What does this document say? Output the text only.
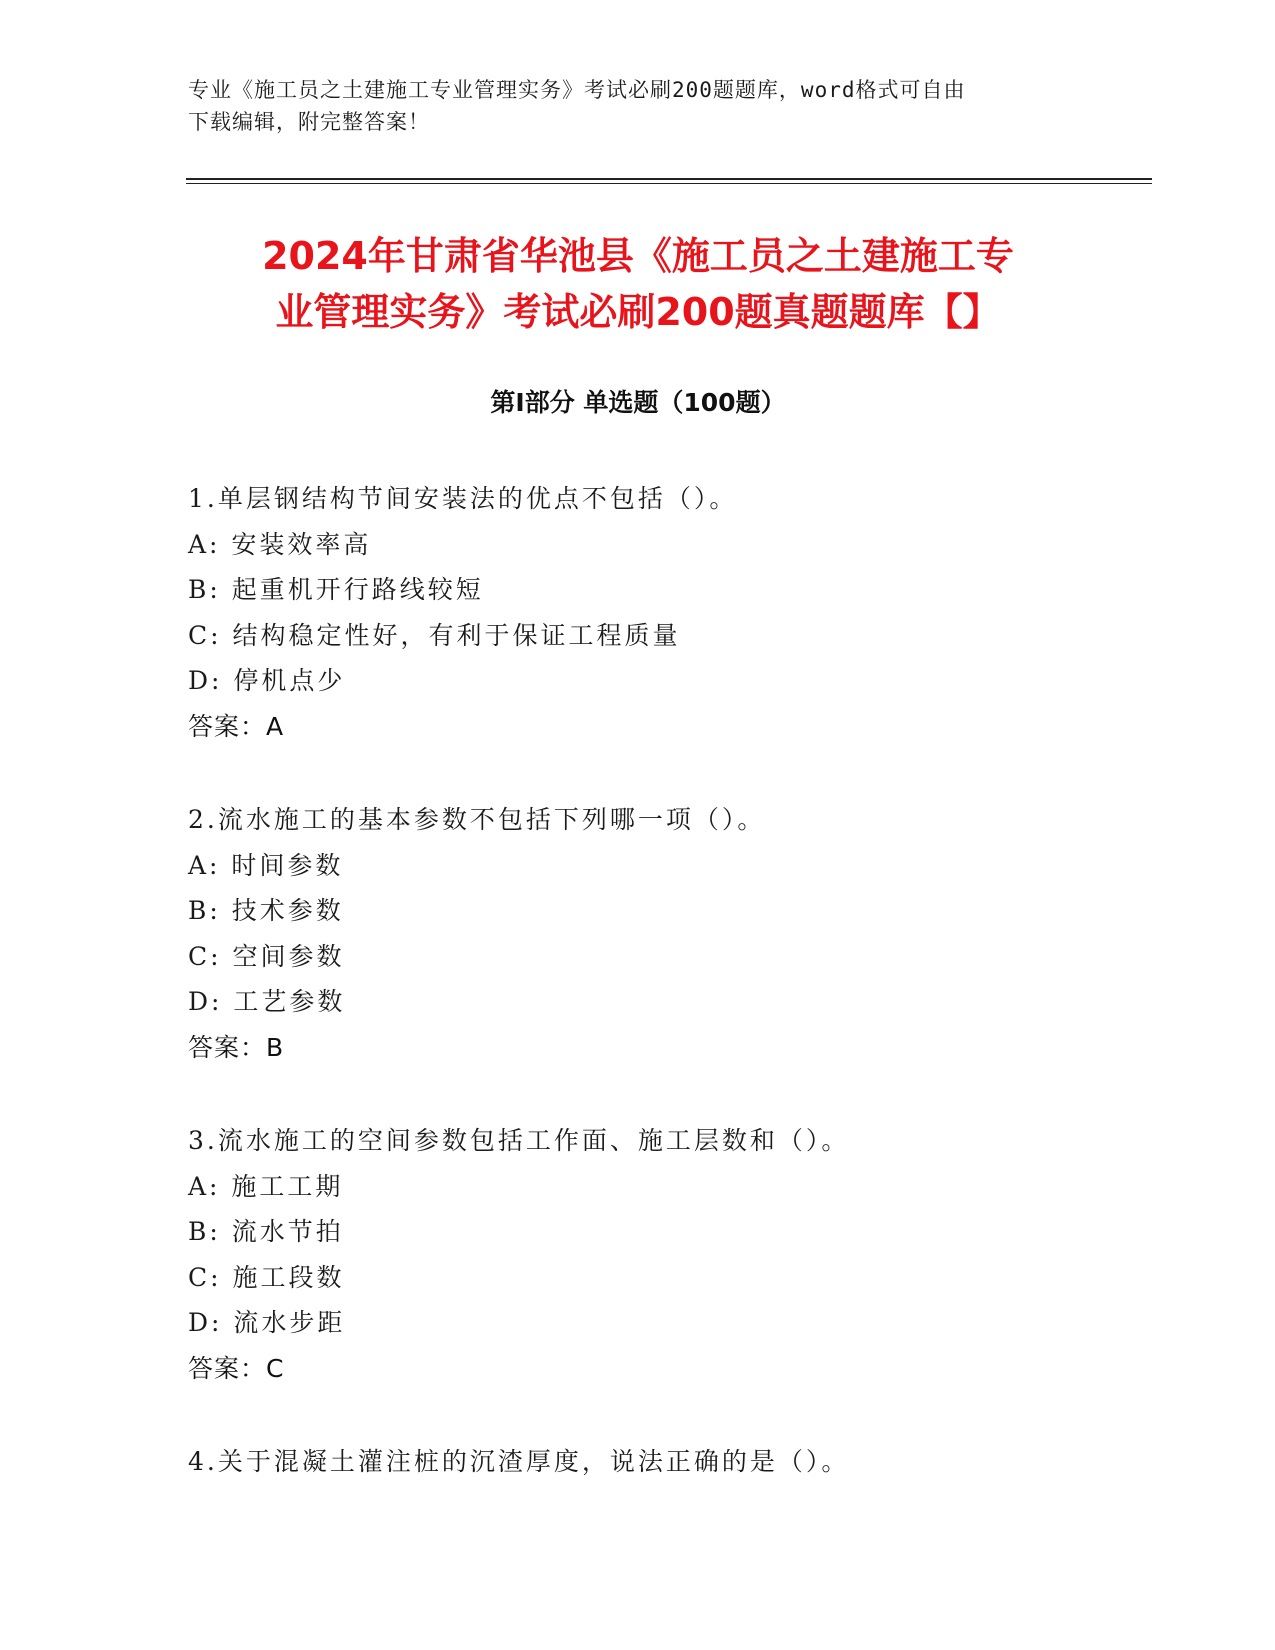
专业《施工员之土建施工专业管理实务》考试必刷200题题库，word格式可自由
下载编辑，附完整答案！
2024年甘肃省华池县《施工员之土建施工专
业管理实务》考试必刷200题真题题库【】
第Ⅰ部分 单选题（100题）
1.单层钢结构节间安装法的优点不包括（）。
A: 安装效率高
B: 起重机开行路线较短
C: 结构稳定性好，有利于保证工程质量
D: 停机点少
答案：A
2.流水施工的基本参数不包括下列哪一项（）。
A: 时间参数
B: 技术参数
C: 空间参数
D: 工艺参数
答案：B
3.流水施工的空间参数包括工作面、施工层数和（）。
A: 施工工期
B: 流水节拍
C: 施工段数
D: 流水步距
答案：C
4.关于混凝土灌注桩的沉渣厚度，说法正确的是（）。
